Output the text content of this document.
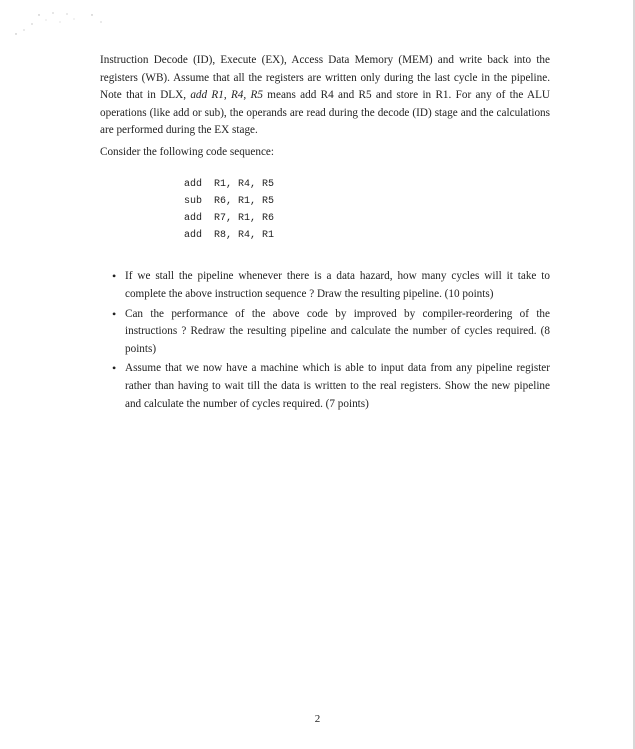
Instruction Decode (ID), Execute (EX), Access Data Memory (MEM) and write back into the registers (WB). Assume that all the registers are written only during the last cycle in the pipeline. Note that in DLX, add R1, R4, R5 means add R4 and R5 and store in R1. For any of the ALU operations (like add or sub), the operands are read during the decode (ID) stage and the calculations are performed during the EX stage.

Consider the following code sequence:

add R1, R4, R5
sub R6, R1, R5
add R7, R1, R6
add R8, R4, R1
• If we stall the pipeline whenever there is a data hazard, how many cycles will it take to complete the above instruction sequence ? Draw the resulting pipeline. (10 points)
• Can the performance of the above code by improved by compiler-reordering of the instructions ? Redraw the resulting pipeline and calculate the number of cycles required. (8 points)
• Assume that we now have a machine which is able to input data from any pipeline register rather than having to wait till the data is written to the real registers. Show the new pipeline and calculate the number of cycles required. (7 points)
2
